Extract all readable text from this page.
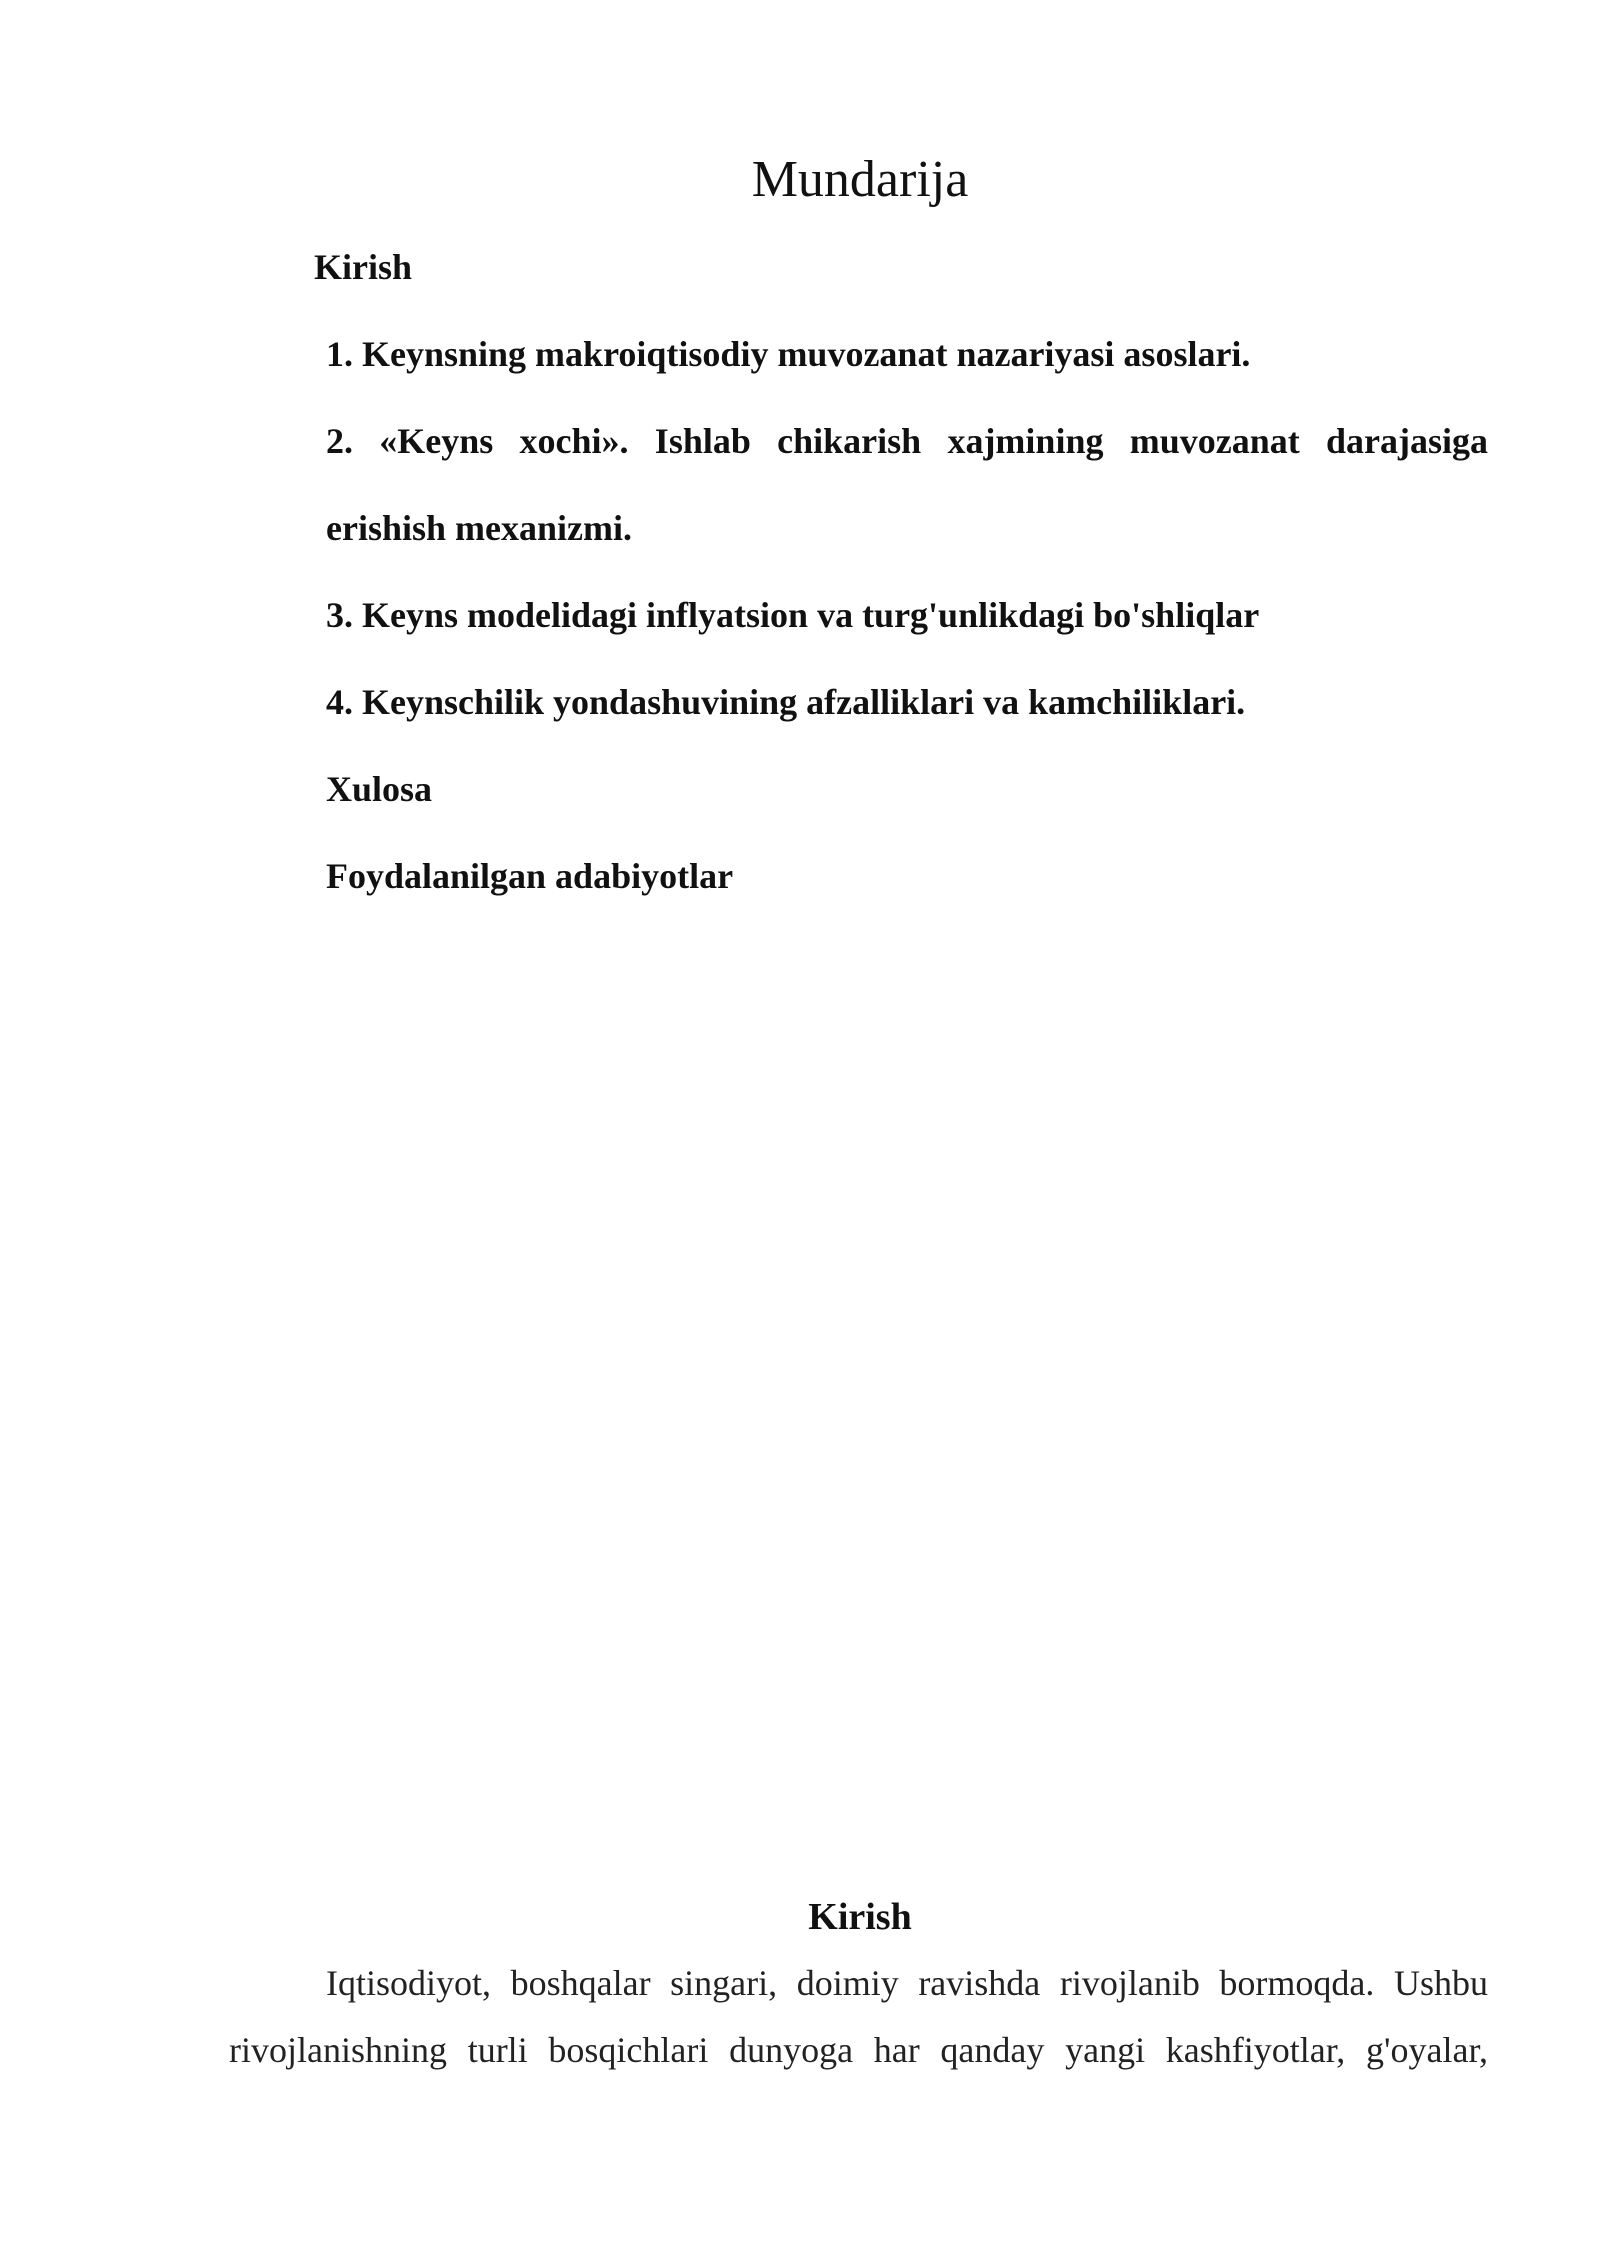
Mundarija
Kirish
1. Keynsning makroiqtisodiy muvozanat nazariyasi asoslari.
2. «Keyns xochi». Ishlab chikarish xajmining muvozanat darajasiga
erishish mexanizmi.
3. Keyns modelidagi inflyatsion va turg'unlikdagi bo'shliqlar
4. Keynschilik yondashuvining afzalliklari va kamchiliklari.
Xulosa
Foydalanilgan adabiyotlar
Kirish
Iqtisodiyot, boshqalar singari, doimiy ravishda rivojlanib bormoqda. Ushbu
rivojlanishning turli bosqichlari dunyoga har qanday yangi kashfiyotlar, g'oyalar,
